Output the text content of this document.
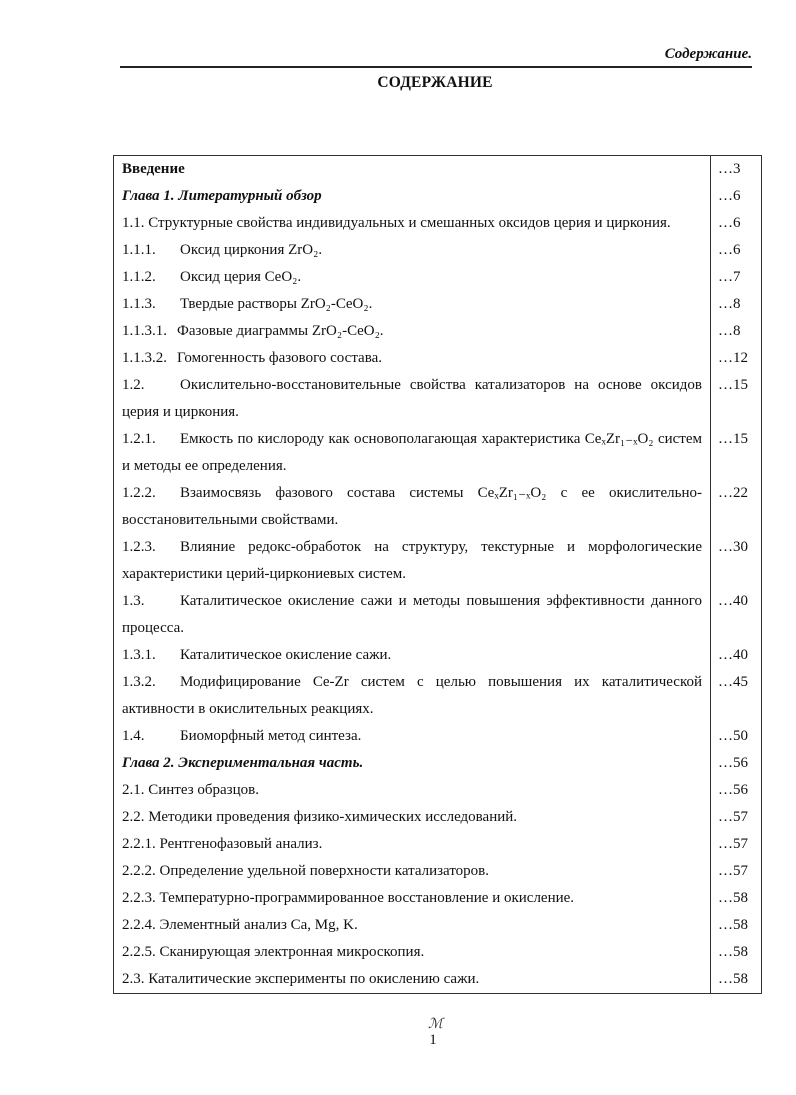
Содержание.
СОДЕРЖАНИЕ
Введение	…3
Глава 1. Литературный обзор	…6
1.1. Структурные свойства индивидуальных и смешанных оксидов церия и циркония.	…6
1.1.1. Оксид циркония ZrO₂.	…6
1.1.2. Оксид церия CeO₂.	…7
1.1.3. Твердые растворы ZrO₂-CeO₂.	…8
1.1.3.1. Фазовые диаграммы ZrO₂-CeO₂.	…8
1.1.3.2. Гомогенность фазового состава.	…12
1.2. Окислительно-восстановительные свойства катализаторов на основе оксидов церия и циркония.	…15
1.2.1. Емкость по кислороду как основополагающая характеристика CeₓZr₁₋ₓO₂ систем и методы ее определения.	…15
1.2.2. Взаимосвязь фазового состава системы CeₓZr₁₋ₓO₂ с ее окислительно-восстановительными свойствами.	…22
1.2.3. Влияние редокс-обработок на структуру, текстурные и морфологические характеристики церий-циркониевых систем.	…30
1.3. Каталитическое окисление сажи и методы повышения эффективности данного процесса.	…40
1.3.1. Каталитическое окисление сажи.	…40
1.3.2. Модифицирование Ce-Zr систем с целью повышения их каталитической активности в окислительных реакциях.	…45
1.4. Биоморфный метод синтеза.	…50
Глава 2. Экспериментальная часть.	…56
2.1. Синтез образцов.	…56
2.2. Методики проведения физико-химических исследований.	…57
2.2.1. Рентгенофазовый анализ.	…57
2.2.2. Определение удельной поверхности катализаторов.	…57
2.2.3. Температурно-программированное восстановление и окисление.	…58
2.2.4. Элементный анализ Ca, Mg, K.	…58
2.2.5. Сканирующая электронная микроскопия.	…58
2.3. Каталитические эксперименты по окислению сажи.	…58
ℳ
1
